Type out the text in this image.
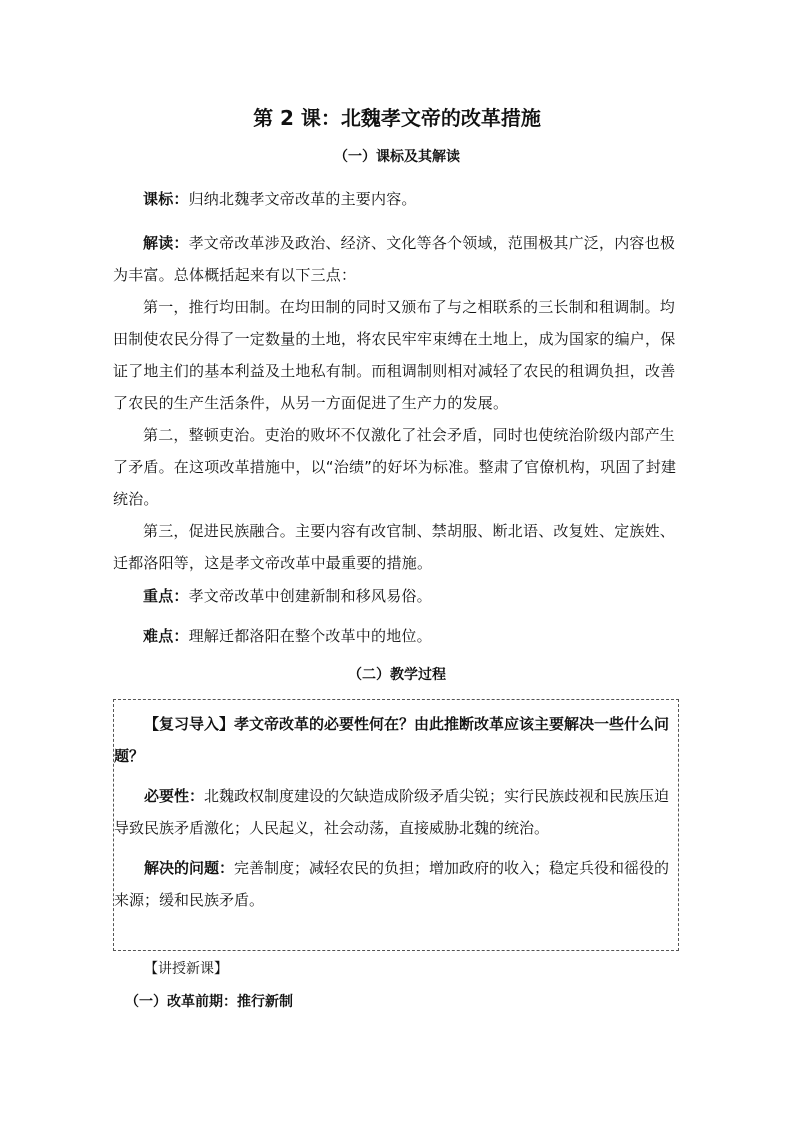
第 2 课：北魏孝文帝的改革措施
（一）课标及其解读

课标：归纳北魏孝文帝改革的主要内容。

解读：孝文帝改革涉及政治、经济、文化等各个领域，范围极其广泛，内容也极为丰富。总体概括起来有以下三点：

第一，推行均田制。在均田制的同时又颁布了与之相联系的三长制和租调制。均田制使农民分得了一定数量的土地，将农民牢牢束缚在土地上，成为国家的编户，保证了地主们的基本利益及土地私有制。而租调制则相对减轻了农民的租调负担，改善了农民的生产生活条件，从另一方面促进了生产力的发展。

第二，整顿吏治。吏治的败坏不仅激化了社会矛盾，同时也使统治阶级内部产生了矛盾。在这项改革措施中，以“治绩”的好坏为标准。整肃了官僚机构，巩固了封建统治。

第三，促进民族融合。主要内容有改官制、禁胡服、断北语、改复姓、定族姓、迁都洛阳等，这是孝文帝改革中最重要的措施。

重点：孝文帝改革中创建新制和移风易俗。

难点：理解迁都洛阳在整个改革中的地位。

（二）教学过程

【复习导入】孝文帝改革的必要性何在？由此推断改革应该主要解决一些什么问题？

必要性：北魏政权制度建设的欠缺造成阶级矛盾尖锐；实行民族歧视和民族压迫导致民族矛盾激化；人民起义，社会动荡，直接威胁北魏的统治。

解决的问题：完善制度；减轻农民的负担；增加政府的收入；稳定兵役和徭役的来源；缓和民族矛盾。

【讲授新课】
（一）改革前期：推行新制
